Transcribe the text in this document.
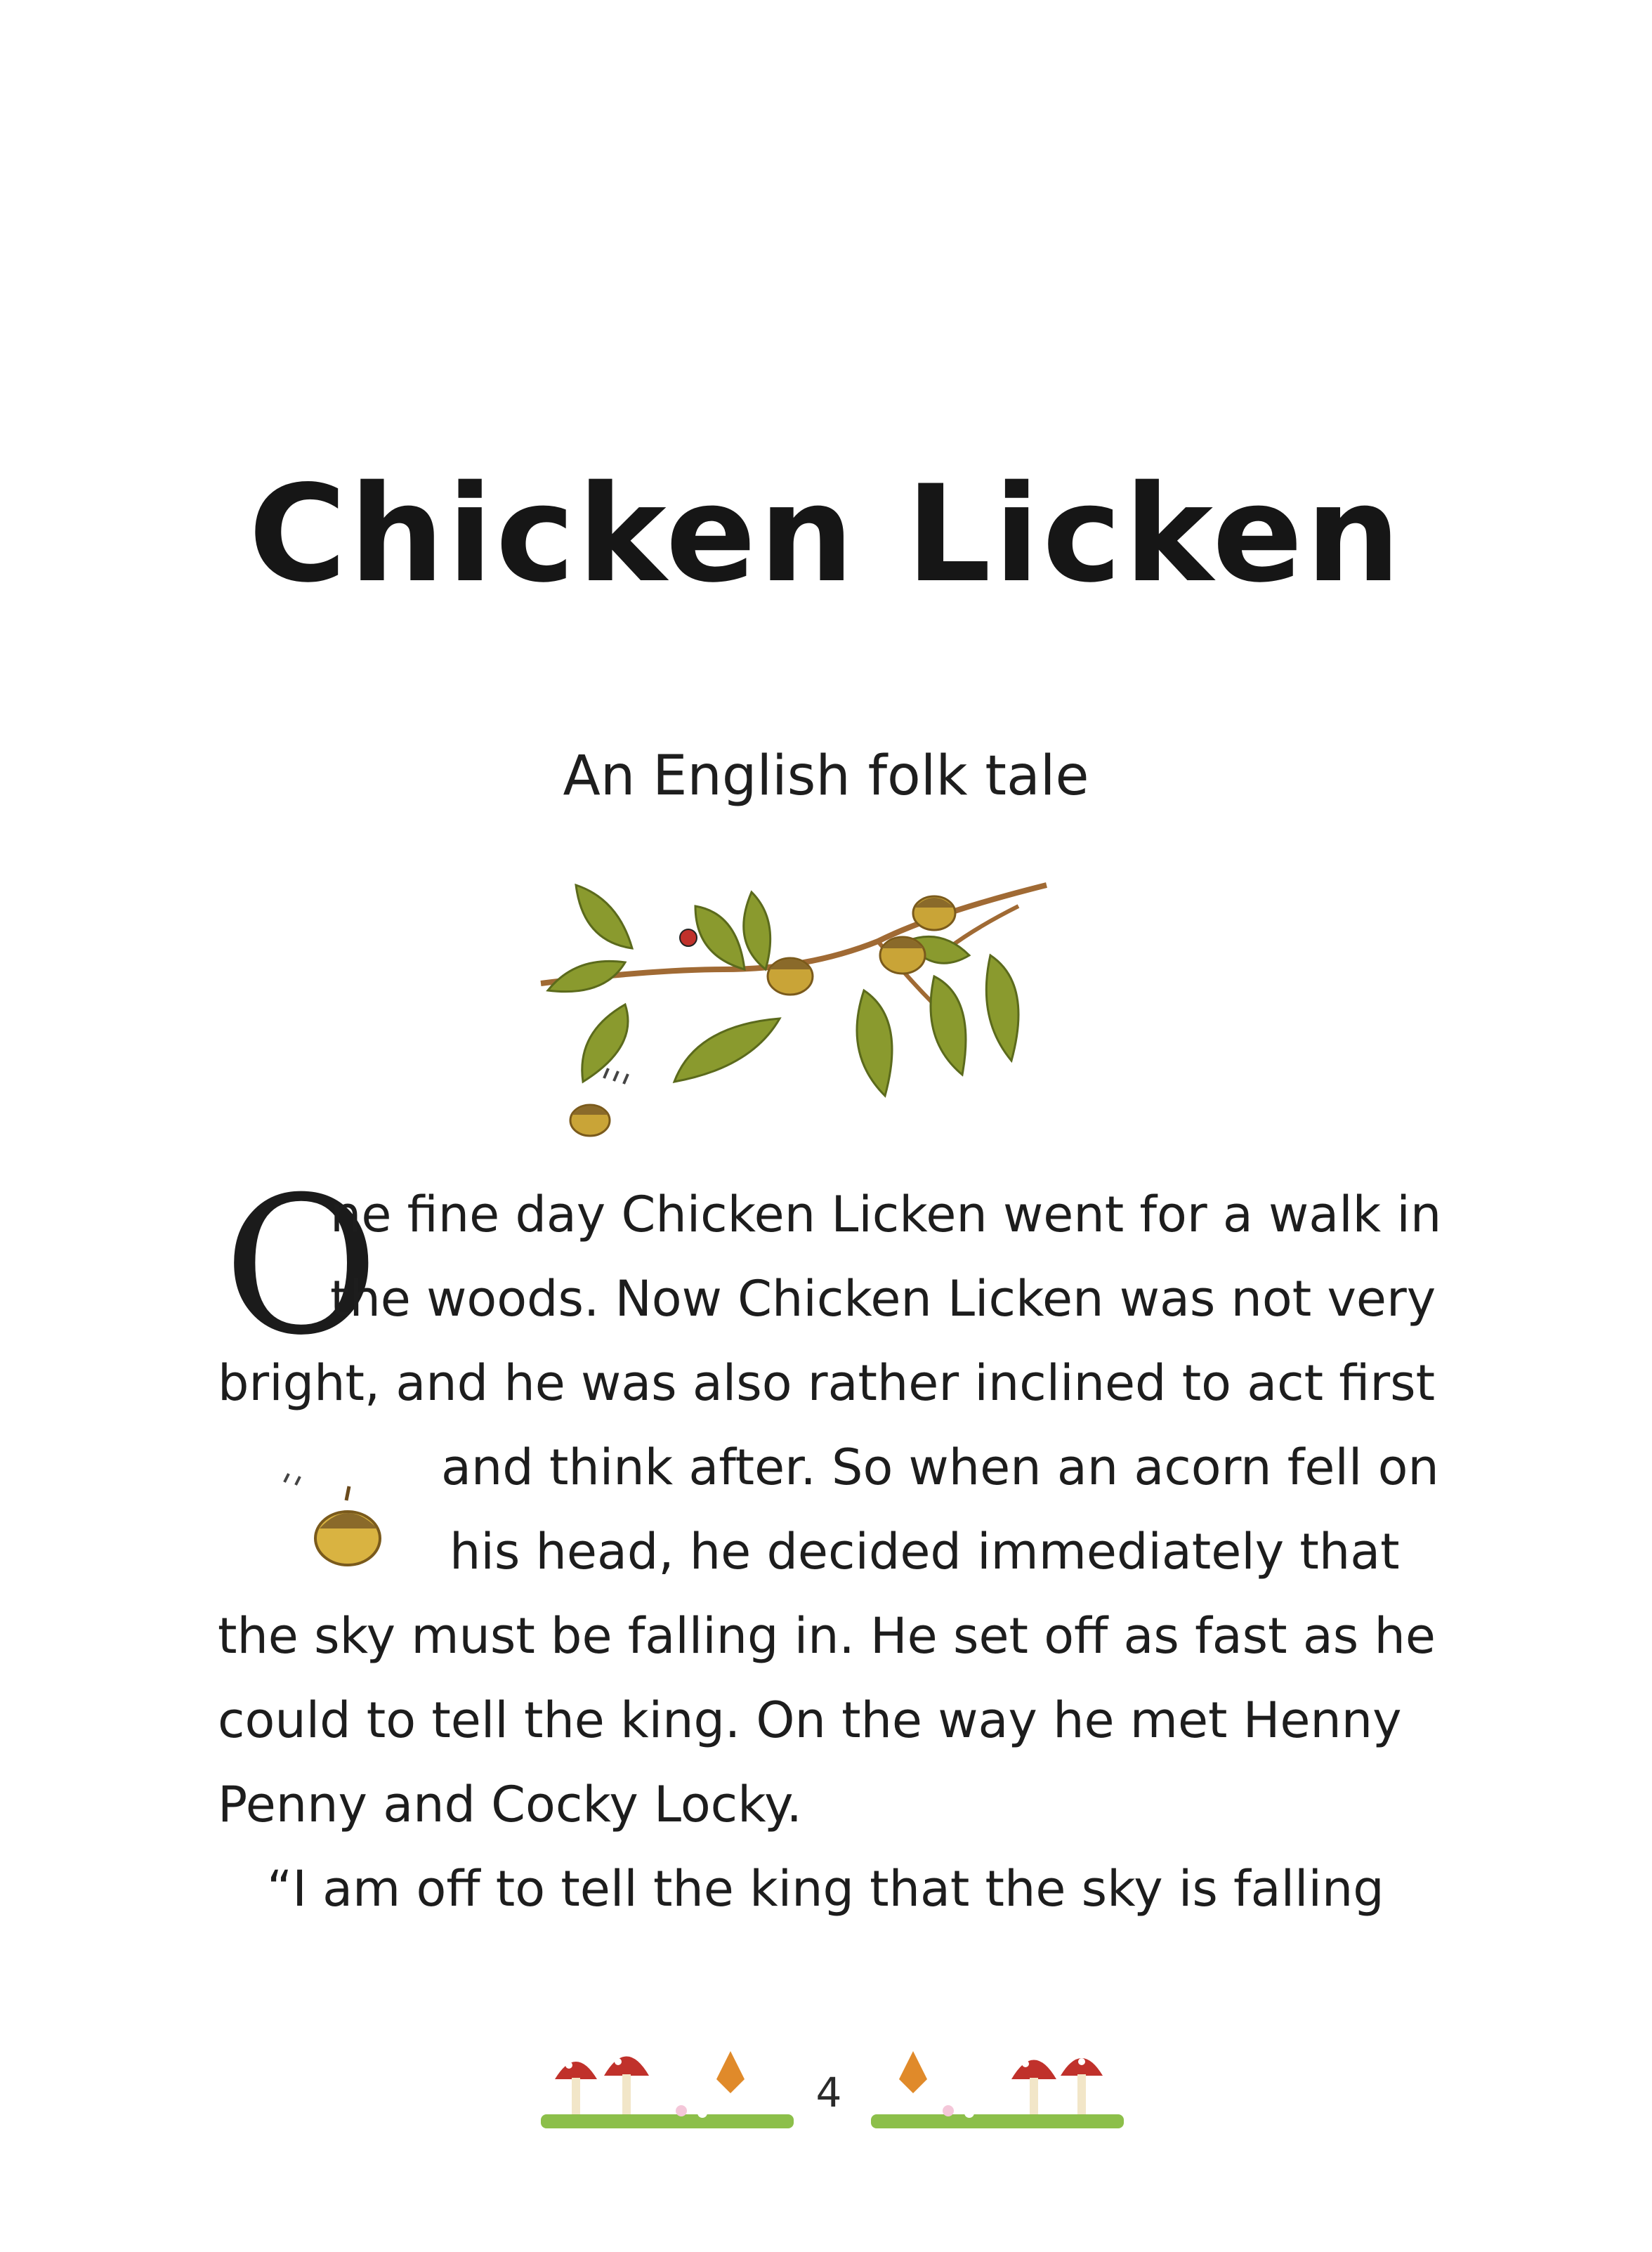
Chicken Licken
An English folk tale
O
ne fine day Chicken Licken went for a walk in
the woods. Now Chicken Licken was not very
bright, and he was also rather inclined to act first
and think after. So when an acorn fell on
his head, he decided immediately that
the sky must be falling in. He set off as fast as he
could to tell the king. On the way he met Henny
Penny and Cocky Locky.
“I am off to tell the king that the sky is falling
4
